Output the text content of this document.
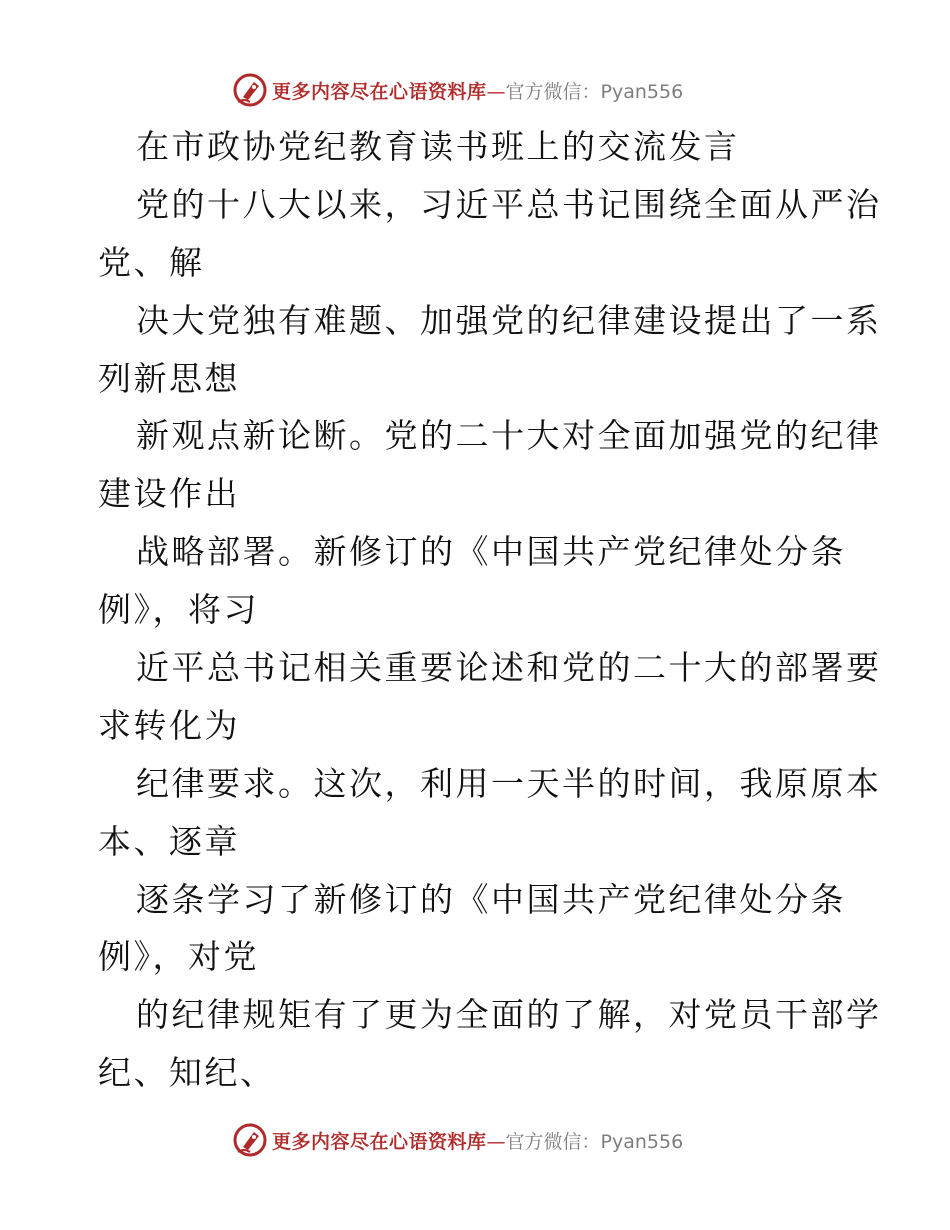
更多内容尽在心语资料库—官方微信：Pyan556
在市政协党纪教育读书班上的交流发言
党的十八大以来，习近平总书记围绕全面从严治
党、解
决大党独有难题、加强党的纪律建设提出了一系
列新思想
新观点新论断。党的二十大对全面加强党的纪律
建设作出
战略部署。新修订的《中国共产党纪律处分条
例》，将习
近平总书记相关重要论述和党的二十大的部署要
求转化为
纪律要求。这次，利用一天半的时间，我原原本
本、逐章
逐条学习了新修订的《中国共产党纪律处分条
例》，对党
的纪律规矩有了更为全面的了解，对党员干部学
纪、知纪、
更多内容尽在心语资料库—官方微信：Pyan556
